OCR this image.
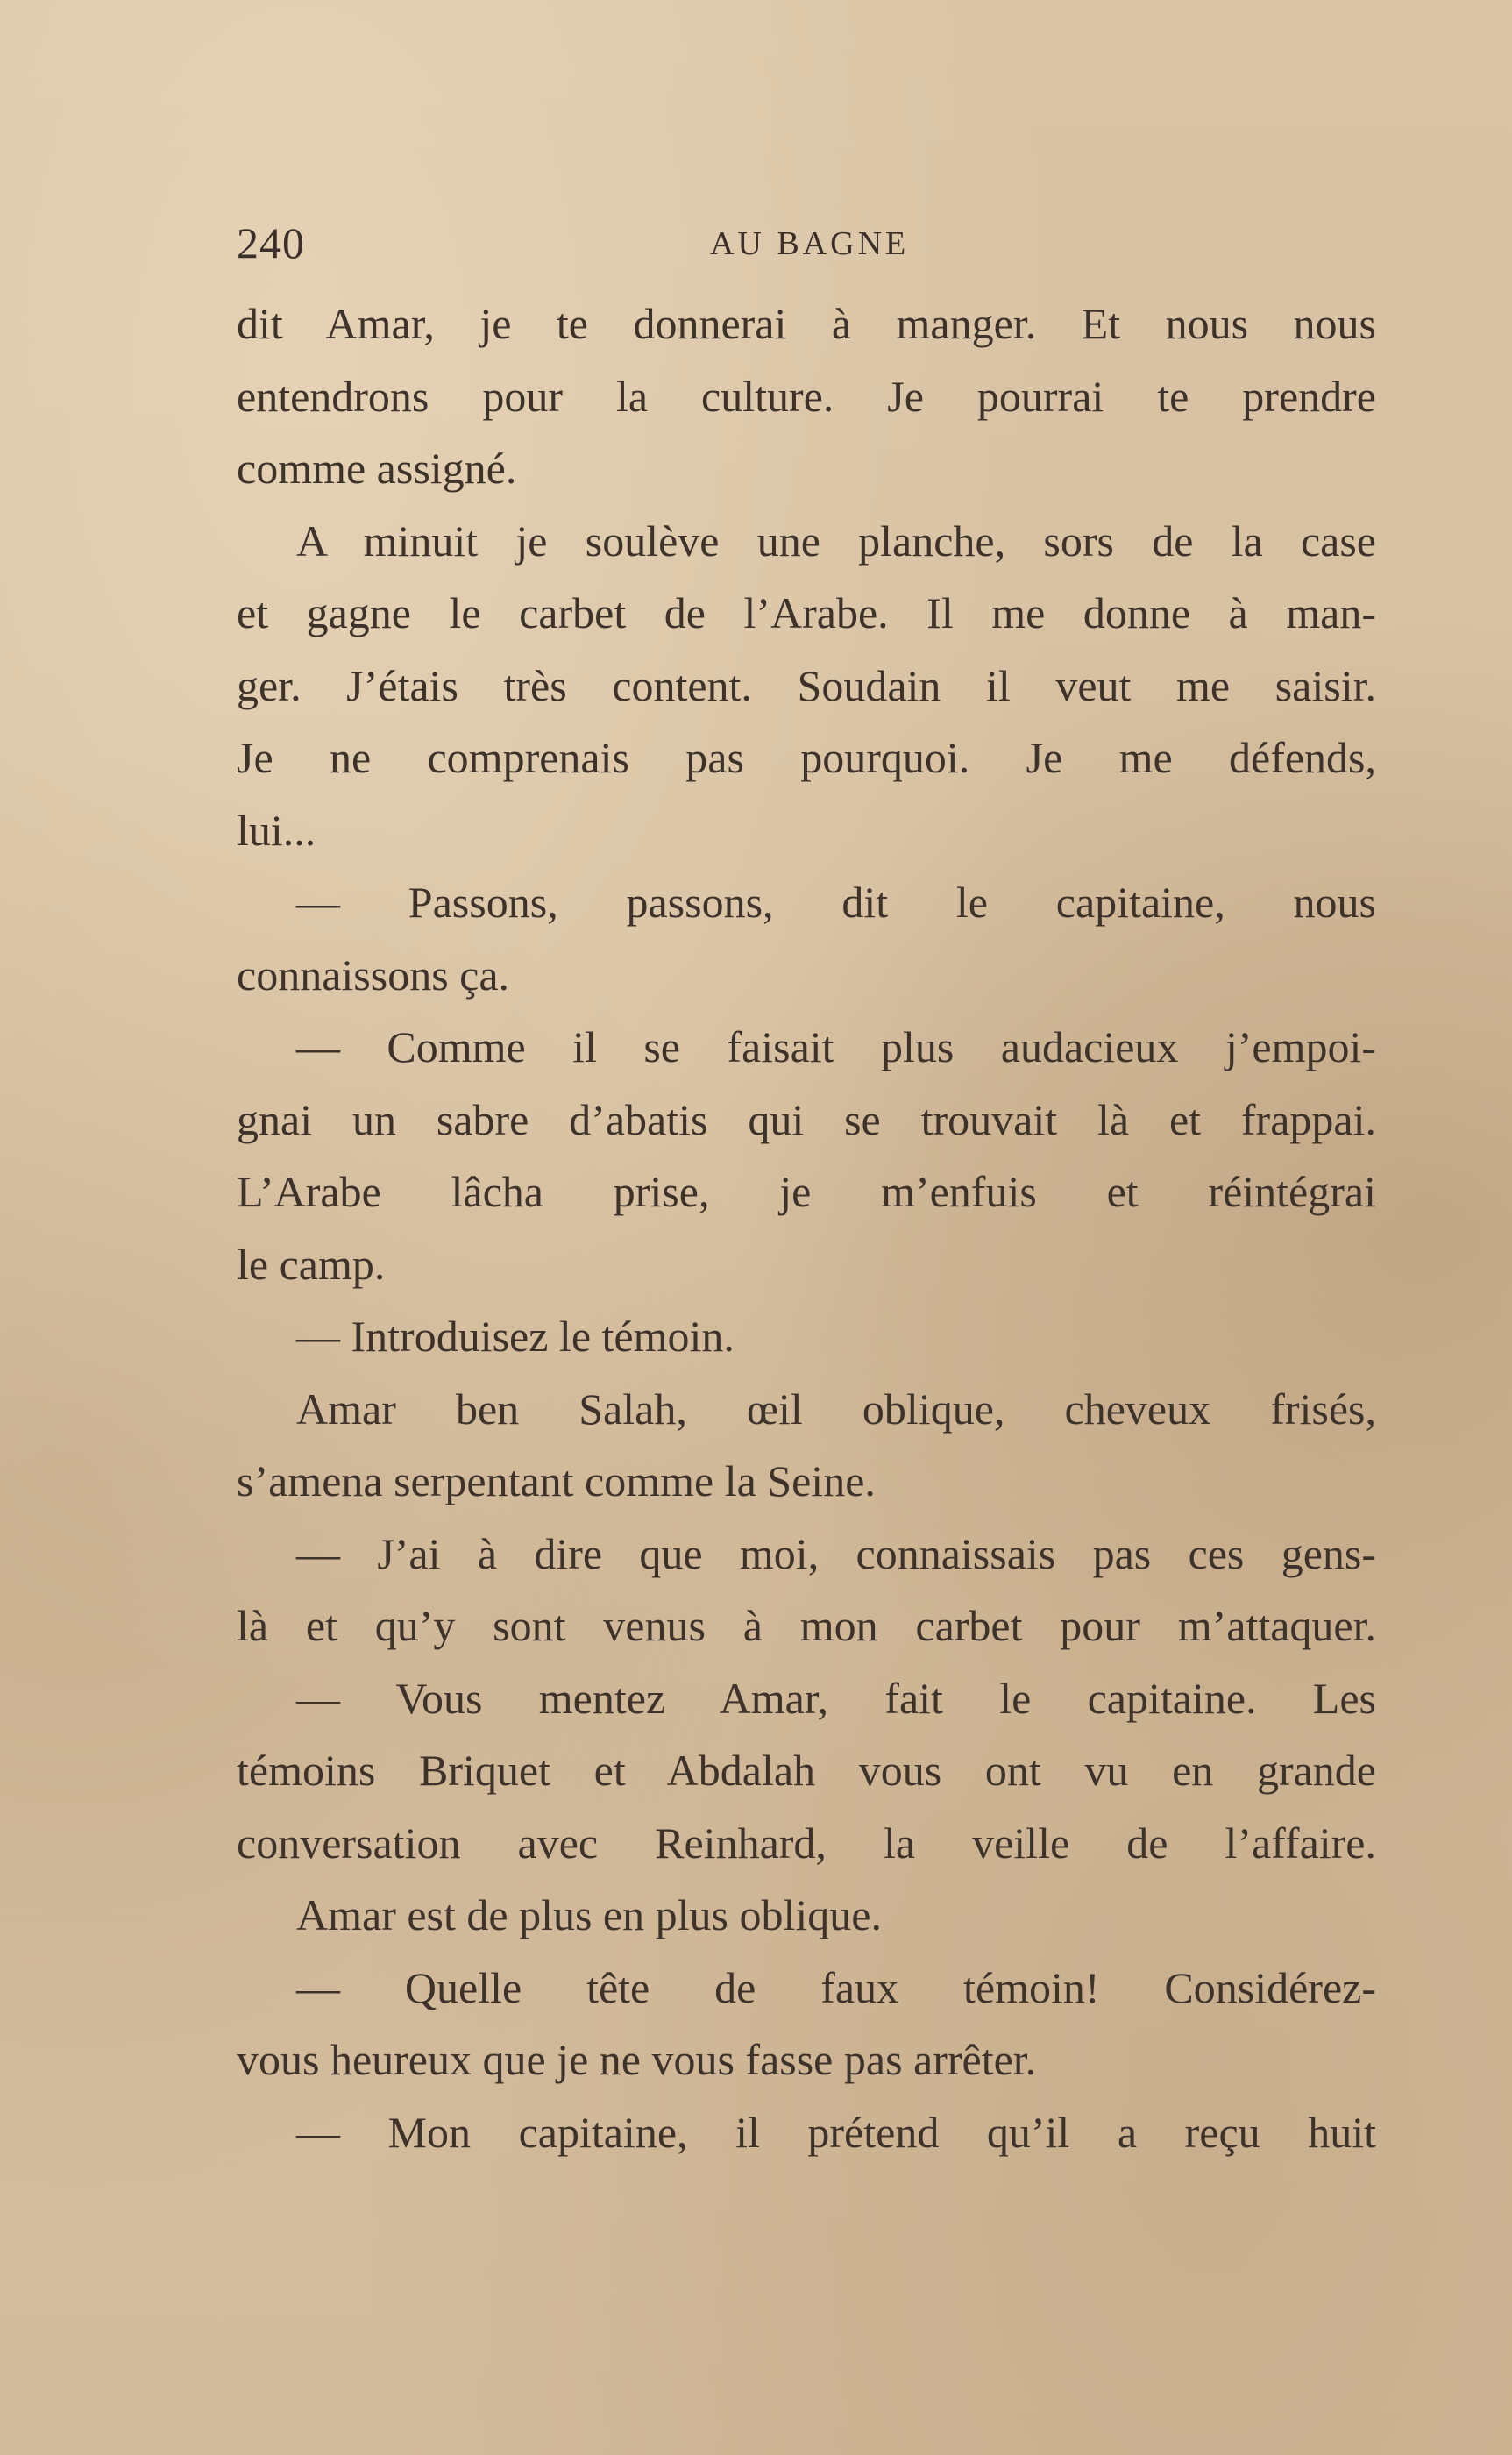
240	AU BAGNE
dit Amar, je te donnerai à manger. Et nous nous
entendrons pour la culture. Je pourrai te prendre
comme assigné.
A minuit je soulève une planche, sors de la case
et gagne le carbet de l’Arabe. Il me donne à man-
ger. J’étais très content. Soudain il veut me saisir.
Je ne comprenais pas pourquoi. Je me défends,
lui...
— Passons, passons, dit le capitaine, nous
connaissons ça.
— Comme il se faisait plus audacieux j’empoi-
gnai un sabre d’abatis qui se trouvait là et frappai.
L’Arabe lâcha prise, je m’enfuis et réintégrai
le camp.
— Introduisez le témoin.
Amar ben Salah, œil oblique, cheveux frisés,
s’amena serpentant comme la Seine.
— J’ai à dire que moi, connaissais pas ces gens-
là et qu’y sont venus à mon carbet pour m’attaquer.
— Vous mentez Amar, fait le capitaine. Les
témoins Briquet et Abdalah vous ont vu en grande
conversation avec Reinhard, la veille de l’affaire.
Amar est de plus en plus oblique.
— Quelle tête de faux témoin! Considérez-
vous heureux que je ne vous fasse pas arrêter.
— Mon capitaine, il prétend qu’il a reçu huit
